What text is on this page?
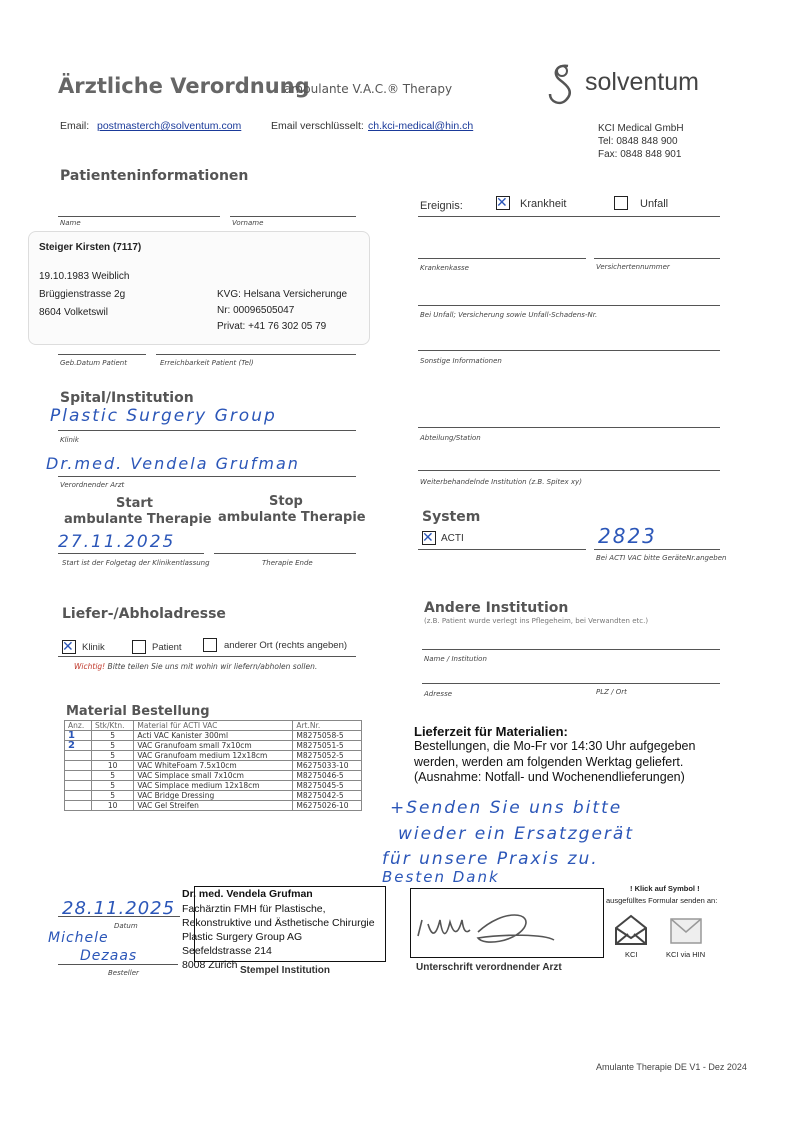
Ärztliche Verordnung
ambulante V.A.C.® Therapy	solventum
Email: postmasterch@solventum.com	Email verschlüsselt: ch.kci-medical@hin.ch	KCI Medical GmbH
Tel: 0848 848 900
Fax: 0848 848 901
Patienteninformationen
Name	Vorname
Steiger Kirsten (7117)
19.10.1983 Weiblich
Brüggienstrasse 2g
8604 Volketswil
KVG: Helsana Versicherunge
Nr: 00096505047
Privat: +41 76 302 05 79
Geb.Datum Patient	Erreichbarkeit Patient (Tel)
Ereignis: ✕ Krankheit	Unfall
Krankenkasse	Versichertennummer
Bei Unfall; Versicherung sowie Unfall-Schadens-Nr.
Sonstige Informationen
Spital/Institution
Plastic Surgery Group
Klinik
Dr.med. Vendela Grufman
Verordnender Arzt
Abteilung/Station
Weiterbehandelnde Institution (z.B. Spitex xy)
Start
ambulante Therapie
Stop
ambulante Therapie
27.11.2025
Start ist der Folgetag der Klinikentlassung	Therapie Ende
System
✕ ACTI	2823
Bei ACTI VAC bitte GeräteNr.angeben
Liefer-/Abholadresse
✕ Klinik	Patient	anderer Ort (rechts angeben)
Wichtig! Bitte teilen Sie uns mit wohin wir liefern/abholen sollen.
Andere Institution
(z.B. Patient wurde verlegt ins Pflegeheim, bei Verwandten etc.)
Name / Institution
Adresse	PLZ / Ort
Material Bestellung
Anz.	Stk/Ktn.	Material für ACTI VAC	Art.Nr.
1	5	Acti VAC Kanister 300ml	M8275058-5
2	5	VAC Granufoam small 7x10cm	M8275051-5
	5	VAC Granufoam medium 12x18cm	M8275052-5
	10	VAC WhiteFoam 7.5x10cm	M6275033-10
	5	VAC Simplace small 7x10cm	M8275046-5
	5	VAC Simplace medium 12x18cm	M8275045-5
	5	VAC Bridge Dressing	M8275042-5
	10	VAC Gel Streifen	M6275026-10
Lieferzeit für Materialien:
Bestellungen, die Mo-Fr vor 14:30 Uhr aufgegeben
werden, werden am folgenden Werktag geliefert.
(Ausnahme: Notfall- und Wochenendlieferungen)
+Senden Sie uns bitte
wieder ein Ersatzgerät
für unsere Praxis zu.
Besten Dank
28.11.2025
Datum
Michele
Dezaas
Besteller
Dr. med. Vendela Grufman
Fachärztin FMH für Plastische,
Rekonstruktive und Ästhetische Chirurgie
Plastic Surgery Group AG
Seefeldstrasse 214
8008 Zürich Stempel Institution	Unterschrift verordnender Arzt
! Klick auf Symbol !
ausgefülltes Formular senden an:
KCI	KCI via HIN
Amulante Therapie DE V1 - Dez 2024
